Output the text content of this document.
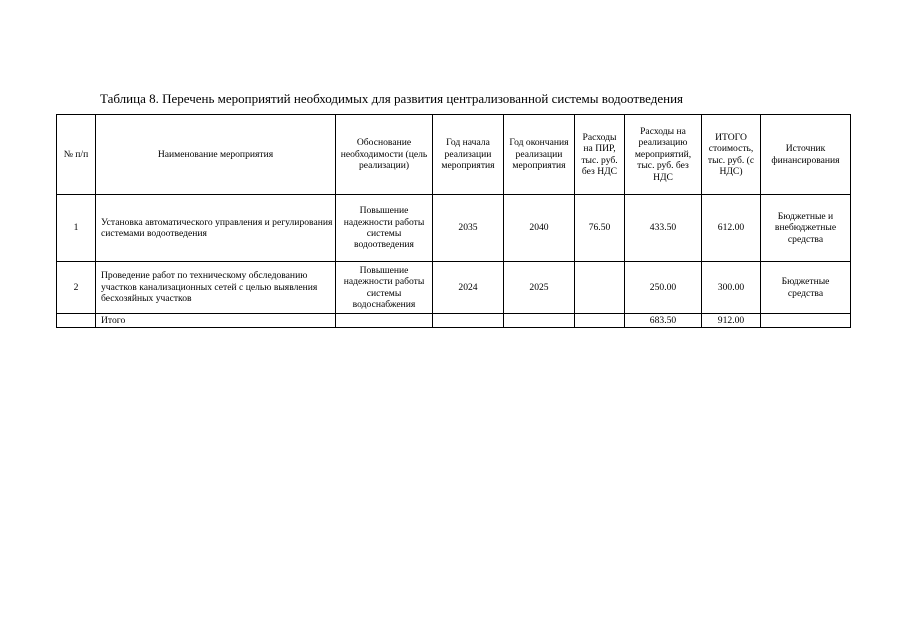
Таблица 8. Перечень мероприятий необходимых для развития централизованной системы водоотведения
№ п/п	Наименование мероприятия	Обоснование необходимости (цель реализации)	Год начала реализации мероприятия	Год окончания реализации мероприятия	Расходы на ПИР, тыс. руб. без НДС	Расходы на реализацию мероприятий, тыс. руб. без НДС	ИТОГО стоимость, тыс. руб. (с НДС)	Источник финансирования
1	Установка автоматического управления и регулирования системами водоотведения	Повышение надежности работы системы водоотведения	2035	2040	76.50	433.50	612.00	Бюджетные и внебюджетные средства
2	Проведение работ по техническому обследованию участков канализационных сетей с целью выявления бесхозяйных участков	Повышение надежности работы системы водоснабжения	2024	2025		250.00	300.00	Бюджетные средства
	Итого					683.50	912.00	
